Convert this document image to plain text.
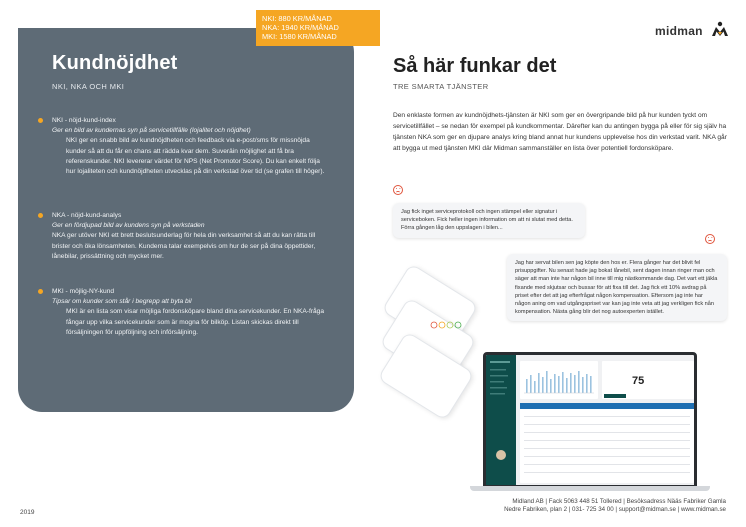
NKI: 880 KR/MÅNAD
NKA: 1940 KR/MÅNAD
MKI: 1580 KR/MÅNAD
Kundnöjdhet
NKI, NKA OCH MKI
NKI - nöjd-kund-index
Ger en bild av kundernas syn på servicetillfälle (lojalitet och nöjdhet)
NKI ger en snabb bild av kundnöjdheten och feedback via e-post/sms för missnöjda kunder så att du får en chans att rädda kvar dem. Suveräin möjlighet att få bra referenskunder. NKI levererar värdet för NPS (Net Promotor Score). Du kan enkelt följa hur lojaliteten och kundnöjdheten utvecklas på din verkstad över tid (se grafen till höger).
NKA - nöjd-kund-analys
Ger en fördjupad bild av kundens syn på verkstaden
NKA ger utöver NKI ett brett beslutsunderlag för hela din verksamhet så att du kan rätta till brister och öka lönsamheten. Kunderna talar exempelvis om hur de ser på dina öppettider, lånebilar, prissättning och mycket mer.
MKI - möjlig-NY-kund
Tipsar om kunder som står i begrepp att byta bil
MKI är en lista som visar möjliga fordonsköpare bland dina servicekunder. En NKA-fråga fångar upp vilka servicekunder som är mogna för bilköp. Listan skickas direkt till försäljningen för uppföljning och införsäljning.
midman
Så här funkar det
TRE SMARTA TJÄNSTER
Den enklaste formen av kundnöjdhets-tjänsten är NKI som ger en övergripande bild på hur kunden tyckt om servicetillfället – se nedan för exempel på kundkommentar. Därefter kan du antingen bygga på eller för sig själv ha tjänsten NKA som ger en djupare analys kring bland annat hur kundens upplevelse hos din verkstad varit. NKA går att bygga ut med tjänsten MKI där Midman sammanställer en lista över potentiell fordonsköpare.
Jag fick inget serviceprotokoll och ingen stämpel eller signatur i serviceboken. Fick heller ingen information om att ni slutat med detta. Förra gången låg den uppslagen i bilen...
Jag har servat bilen sen jag köpte den hos er. Flera gånger har det blivit fel prisuppgifter. Nu senast hade jag bokat lånebil, sent dagen innan ringer man och säger att man inte har någon bil inne till mig nästkommande dag. Det vart ett jäkla fixande med skjutsar och bussar för att fixa till det. Jag fick ett 10% avdrag på priset efter det att jag efterfrågat någon kompensation. Eftersom jag inte har någon aning om vad utgångspriset var kan jag inte veta att jag verkligen fick nån kompensation. Nästa gång blir det nog autoexperten istället.
75
2019
Midland AB | Fack 5063 448 51 Tollered | Besöksadress Nääs Fabriker Gamla
Nedre Fabriken, plan 2 | 031- 725 34 00 | support@midman.se | www.midman.se
